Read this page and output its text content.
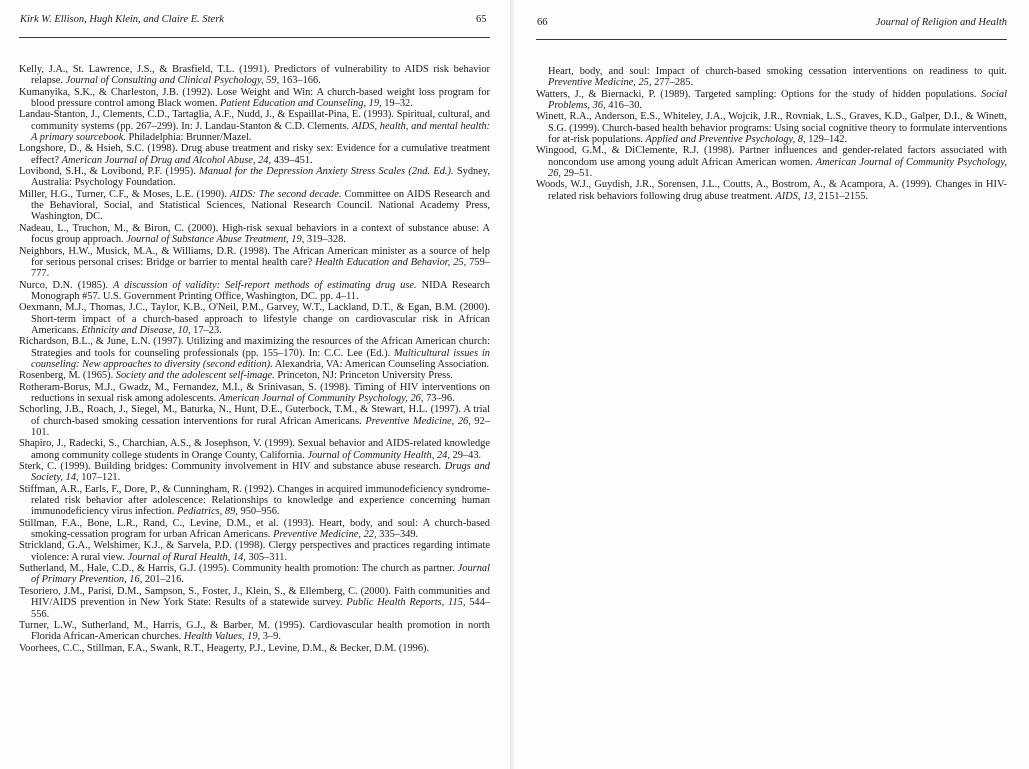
Kirk W. Ellison, Hugh Klein, and Claire E. Sterk	65
Kelly, J.A., St. Lawrence, J.S., & Brasfield, T.L. (1991). Predictors of vulnerability to AIDS risk behavior relapse. Journal of Consulting and Clinical Psychology, 59, 163–166.
Kumanyika, S.K., & Charleston, J.B. (1992). Lose Weight and Win: A church-based weight loss program for blood pressure control among Black women. Patient Education and Counseling, 19, 19–32.
Landau-Stanton, J., Clements, C.D., Tartaglia, A.F., Nudd, J., & Espaillat-Pina, E. (1993). Spiritual, cultural, and community systems (pp. 267–299). In: J. Landau-Stanton & C.D. Clements. AIDS, health, and mental health: A primary sourcebook. Philadelphia: Brunner/Mazel.
Longshore, D., & Hsieh, S.C. (1998). Drug abuse treatment and risky sex: Evidence for a cumulative treatment effect? American Journal of Drug and Alcohol Abuse, 24, 439–451.
Lovibond, S.H., & Lovibond, P.F. (1995). Manual for the Depression Anxiety Stress Scales (2nd. Ed.). Sydney, Australia: Psychology Foundation.
Miller, H.G., Turner, C.F., & Moses, L.E. (1990). AIDS: The second decade. Committee on AIDS Research and the Behavioral, Social, and Statistical Sciences, National Research Council. National Academy Press, Washington, DC.
Nadeau, L., Truchon, M., & Biron, C. (2000). High-risk sexual behaviors in a context of substance abuse: A focus group approach. Journal of Substance Abuse Treatment, 19, 319–328.
Neighbors, H.W., Musick, M.A., & Williams, D.R. (1998). The African American minister as a source of help for serious personal crises: Bridge or barrier to mental health care? Health Education and Behavior, 25, 759–777.
Nurco, D.N. (1985). A discussion of validity: Self-report methods of estimating drug use. NIDA Research Monograph #57. U.S. Government Printing Office, Washington, DC. pp. 4–11.
Oexmann, M.J., Thomas, J.C., Taylor, K.B., O'Neil, P.M., Garvey, W.T., Lackland, D.T., & Egan, B.M. (2000). Short-term impact of a church-based approach to lifestyle change on cardiovascular risk in African Americans. Ethnicity and Disease, 10, 17–23.
Richardson, B.L., & June, L.N. (1997). Utilizing and maximizing the resources of the African American church: Strategies and tools for counseling professionals (pp. 155–170). In: C.C. Lee (Ed.). Multicultural issues in counseling: New approaches to diversity (second edition). Alexandria, VA: American Counseling Association.
Rosenberg, M. (1965). Society and the adolescent self-image. Princeton, NJ: Princeton University Press.
Rotheram-Borus, M.J., Gwadz, M., Fernandez, M.I., & Srinivasan, S. (1998). Timing of HIV interventions on reductions in sexual risk among adolescents. American Journal of Community Psychology, 26, 73–96.
Schorling, J.B., Roach, J., Siegel, M., Baturka, N., Hunt, D.E., Guterbock, T.M., & Stewart, H.L. (1997). A trial of church-based smoking cessation interventions for rural African Americans. Preventive Medicine, 26, 92–101.
Shapiro, J., Radecki, S., Charchian, A.S., & Josephson, V. (1999). Sexual behavior and AIDS-related knowledge among community college students in Orange County, California. Journal of Community Health, 24, 29–43.
Sterk, C. (1999). Building bridges: Community involvement in HIV and substance abuse research. Drugs and Society, 14, 107–121.
Stiffman, A.R., Earls, F., Dore, P., & Cunningham, R. (1992). Changes in acquired immunodeficiency syndrome-related risk behavior after adolescence: Relationships to knowledge and experience concerning human immunodeficiency virus infection. Pediatrics, 89, 950–956.
Stillman, F.A., Bone, L.R., Rand, C., Levine, D.M., et al. (1993). Heart, body, and soul: A church-based smoking-cessation program for urban African Americans. Preventive Medicine, 22, 335–349.
Strickland, G.A., Welshimer, K.J., & Sarvela, P.D. (1998). Clergy perspectives and practices regarding intimate violence: A rural view. Journal of Rural Health, 14, 305–311.
Sutherland, M., Hale, C.D., & Harris, G.J. (1995). Community health promotion: The church as partner. Journal of Primary Prevention, 16, 201–216.
Tesoriero, J.M., Parisi, D.M., Sampson, S., Foster, J., Klein, S., & Ellemberg, C. (2000). Faith communities and HIV/AIDS prevention in New York State: Results of a statewide survey. Public Health Reports, 115, 544–556.
Turner, L.W., Sutherland, M., Harris, G.J., & Barber, M. (1995). Cardiovascular health promotion in north Florida African-American churches. Health Values, 19, 3–9.
Voorhees, C.C., Stillman, F.A., Swank, R.T., Heagerty, P.J., Levine, D.M., & Becker, D.M. (1996).
66	Journal of Religion and Health
Heart, body, and soul: Impact of church-based smoking cessation interventions on readiness to quit. Preventive Medicine, 25, 277–285.
Watters, J., & Biernacki, P. (1989). Targeted sampling: Options for the study of hidden populations. Social Problems, 36, 416–30.
Winett, R.A., Anderson, E.S., Whiteley, J.A., Wojcik, J.R., Rovniak, L.S., Graves, K.D., Galper, D.I., & Winett, S.G. (1999). Church-based health behavior programs: Using social cognitive theory to formulate interventions for at-risk populations. Applied and Preventive Psychology, 8, 129–142.
Wingood, G.M., & DiClemente, R.J. (1998). Partner influences and gender-related factors associated with noncondom use among young adult African American women. American Journal of Community Psychology, 26, 29–51.
Woods, W.J., Guydish, J.R., Sorensen, J.L., Coutts, A., Bostrom, A., & Acampora, A. (1999). Changes in HIV-related risk behaviors following drug abuse treatment. AIDS, 13, 2151–2155.
